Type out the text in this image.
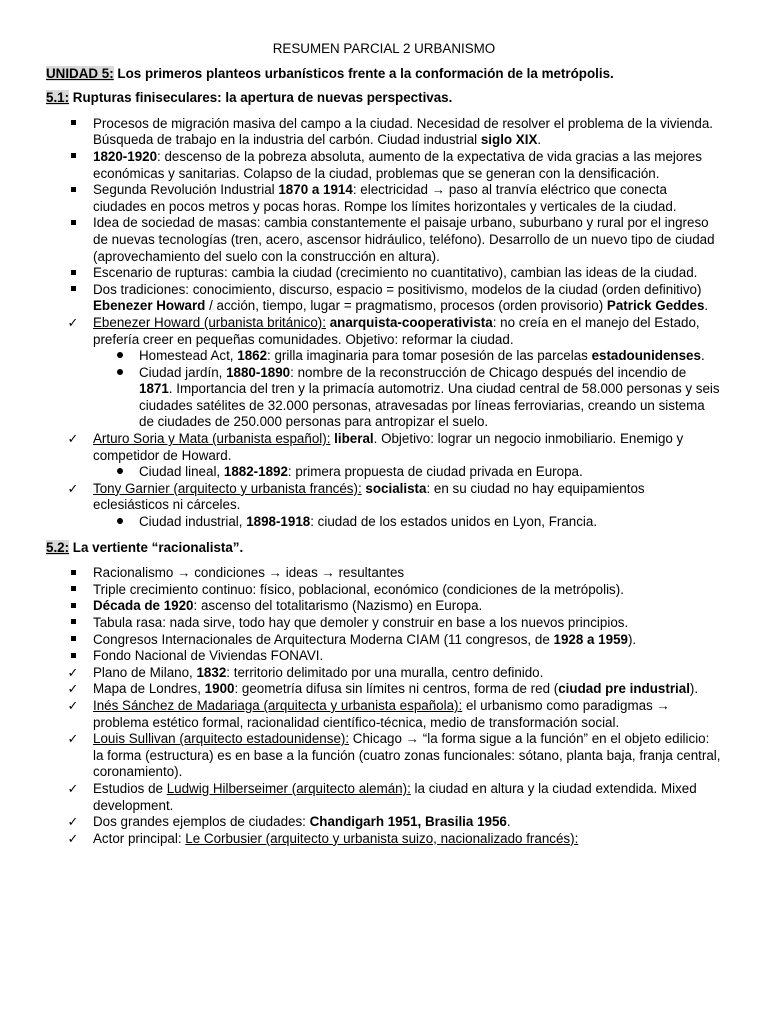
RESUMEN PARCIAL 2 URBANISMO
UNIDAD 5: Los primeros planteos urbanísticos frente a la conformación de la metrópolis.
5.1: Rupturas finiseculares: la apertura de nuevas perspectivas.
Procesos de migración masiva del campo a la ciudad. Necesidad de resolver el problema de la vivienda. Búsqueda de trabajo en la industria del carbón. Ciudad industrial siglo XIX.
1820-1920: descenso de la pobreza absoluta, aumento de la expectativa de vida gracias a las mejores económicas y sanitarias. Colapso de la ciudad, problemas que se generan con la densificación.
Segunda Revolución Industrial 1870 a 1914: electricidad → paso al tranvía eléctrico que conecta ciudades en pocos metros y pocas horas. Rompe los límites horizontales y verticales de la ciudad.
Idea de sociedad de masas: cambia constantemente el paisaje urbano, suburbano y rural por el ingreso de nuevas tecnologías (tren, acero, ascensor hidráulico, teléfono). Desarrollo de un nuevo tipo de ciudad (aprovechamiento del suelo con la construcción en altura).
Escenario de rupturas: cambia la ciudad (crecimiento no cuantitativo), cambian las ideas de la ciudad.
Dos tradiciones: conocimiento, discurso, espacio = positivismo, modelos de la ciudad (orden definitivo) Ebenezer Howard / acción, tiempo, lugar = pragmatismo, procesos (orden provisorio) Patrick Geddes.
✓ Ebenezer Howard (urbanista británico): anarquista-cooperativista: no creía en el manejo del Estado, prefería creer en pequeñas comunidades. Objetivo: reformar la ciudad.
Homestead Act, 1862: grilla imaginaria para tomar posesión de las parcelas estadounidenses.
Ciudad jardín, 1880-1890: nombre de la reconstrucción de Chicago después del incendio de 1871. Importancia del tren y la primacía automotriz. Una ciudad central de 58.000 personas y seis ciudades satélites de 32.000 personas, atravesadas por líneas ferroviarias, creando un sistema de ciudades de 250.000 personas para antropizar el suelo.
✓ Arturo Soria y Mata (urbanista español): liberal. Objetivo: lograr un negocio inmobiliario. Enemigo y competidor de Howard.
Ciudad lineal, 1882-1892: primera propuesta de ciudad privada en Europa.
✓ Tony Garnier (arquitecto y urbanista francés): socialista: en su ciudad no hay equipamientos eclesiásticos ni cárceles.
Ciudad industrial, 1898-1918: ciudad de los estados unidos en Lyon, Francia.
5.2: La vertiente “racionalista”.
Racionalismo → condiciones → ideas → resultantes
Triple crecimiento continuo: físico, poblacional, económico (condiciones de la metrópolis).
Década de 1920: ascenso del totalitarismo (Nazismo) en Europa.
Tabula rasa: nada sirve, todo hay que demoler y construir en base a los nuevos principios.
Congresos Internacionales de Arquitectura Moderna CIAM (11 congresos, de 1928 a 1959).
Fondo Nacional de Viviendas FONAVI.
✓ Plano de Milano, 1832: territorio delimitado por una muralla, centro definido.
✓ Mapa de Londres, 1900: geometría difusa sin límites ni centros, forma de red (ciudad pre industrial).
✓ Inés Sánchez de Madariaga (arquitecta y urbanista española): el urbanismo como paradigmas → problema estético formal, racionalidad científico-técnica, medio de transformación social.
✓ Louis Sullivan (arquitecto estadounidense): Chicago → “la forma sigue a la función” en el objeto edilicio: la forma (estructura) es en base a la función (cuatro zonas funcionales: sótano, planta baja, franja central, coronamiento).
✓ Estudios de Ludwig Hilberseimer (arquitecto alemán): la ciudad en altura y la ciudad extendida. Mixed development.
✓ Dos grandes ejemplos de ciudades: Chandigarh 1951, Brasilia 1956.
✓ Actor principal: Le Corbusier (arquitecto y urbanista suizo, nacionalizado francés):
